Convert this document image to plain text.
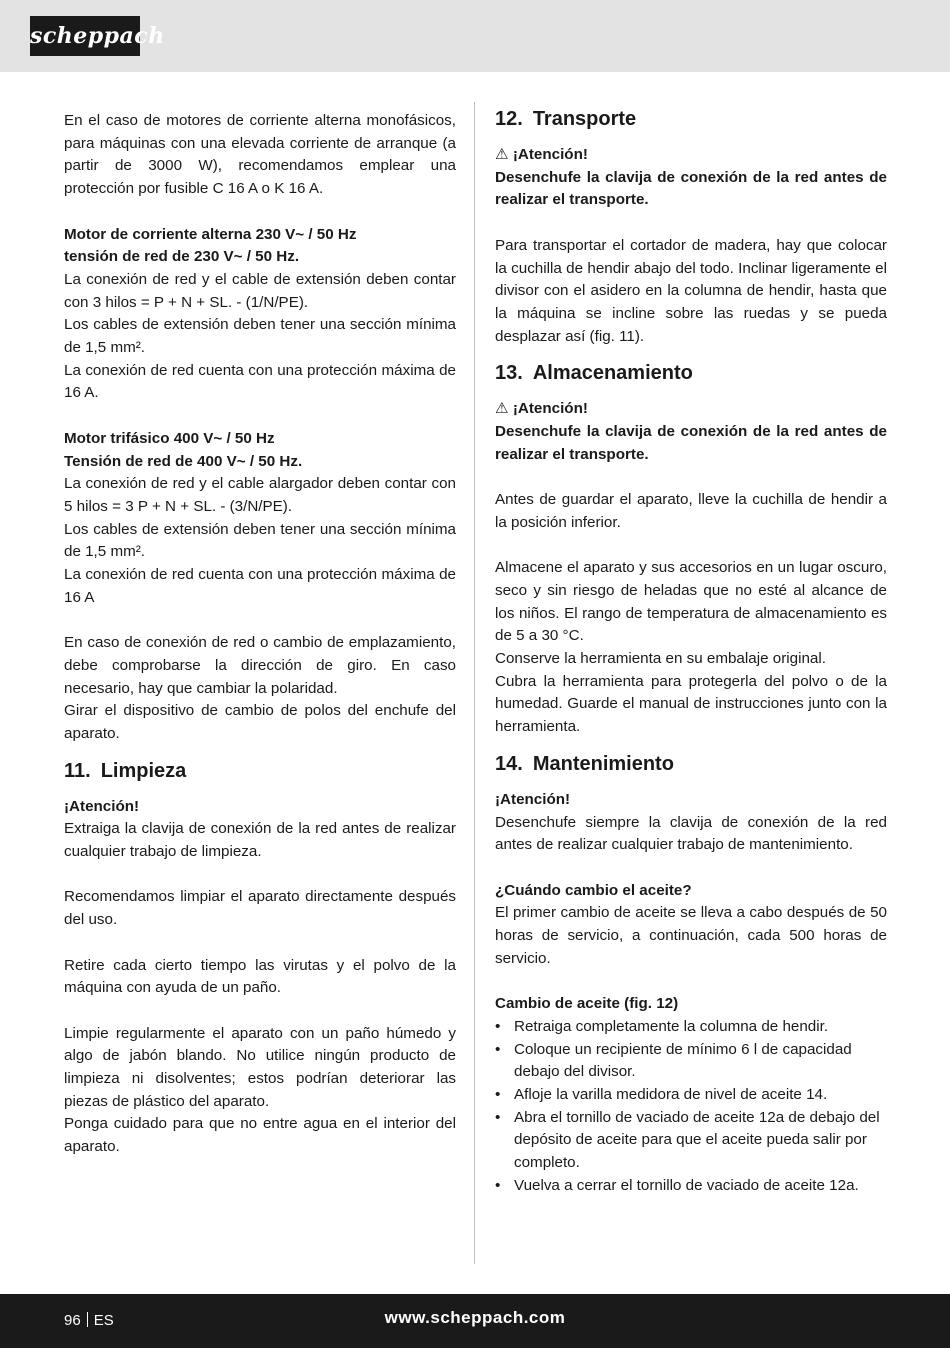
scheppach

En el caso de motores de corriente alterna monofásicos, para máquinas con una elevada corriente de arranque (a partir de 3000 W), recomendamos emplear una protección por fusible C 16 A o K 16 A.

Motor de corriente alterna 230 V~ / 50 Hz

tensión de red de 230 V~ / 50 Hz.

La conexión de red y el cable de extensión deben contar con 3 hilos = P + N + SL. - (1/N/PE).

Los cables de extensión deben tener una sección mínima de 1,5 mm².

La conexión de red cuenta con una protección máxima de 16 A.

Motor trifásico 400 V~ / 50 Hz

Tensión de red de 400 V~ / 50 Hz.

La conexión de red y el cable alargador deben contar con 5 hilos = 3 P + N + SL. - (3/N/PE).

Los cables de extensión deben tener una sección mínima de 1,5 mm².

La conexión de red cuenta con una protección máxima de 16 A

En caso de conexión de red o cambio de emplazamiento, debe comprobarse la dirección de giro. En caso necesario, hay que cambiar la polaridad.

Girar el dispositivo de cambio de polos del enchufe del aparato.

11. Limpieza

¡Atención!

Extraiga la clavija de conexión de la red antes de realizar cualquier trabajo de limpieza.

Recomendamos limpiar el aparato directamente después del uso.

Retire cada cierto tiempo las virutas y el polvo de la máquina con ayuda de un paño.

Limpie regularmente el aparato con un paño húmedo y algo de jabón blando. No utilice ningún producto de limpieza ni disolventes; estos podrían deteriorar las piezas de plástico del aparato.

Ponga cuidado para que no entre agua en el interior del aparato.

12. Transporte

⚠ ¡Atención!

Desenchufe la clavija de conexión de la red antes de realizar el transporte.

Para transportar el cortador de madera, hay que colocar la cuchilla de hendir abajo del todo. Inclinar ligeramente el divisor con el asidero en la columna de hendir, hasta que la máquina se incline sobre las ruedas y se pueda desplazar así (fig. 11).

13. Almacenamiento

⚠ ¡Atención!

Desenchufe la clavija de conexión de la red antes de realizar el transporte.

Antes de guardar el aparato, lleve la cuchilla de hendir a la posición inferior.

Almacene el aparato y sus accesorios en un lugar oscuro, seco y sin riesgo de heladas que no esté al alcance de los niños. El rango de temperatura de almacenamiento es de 5 a 30 °C.

Conserve la herramienta en su embalaje original.

Cubra la herramienta para protegerla del polvo o de la humedad. Guarde el manual de instrucciones junto con la herramienta.

14. Mantenimiento

¡Atención!

Desenchufe siempre la clavija de conexión de la red antes de realizar cualquier trabajo de mantenimiento.

¿Cuándo cambio el aceite?

El primer cambio de aceite se lleva a cabo después de 50 horas de servicio, a continuación, cada 500 horas de servicio.

Cambio de aceite (fig. 12)

• Retraiga completamente la columna de hendir.
• Coloque un recipiente de mínimo 6 l de capacidad debajo del divisor.
• Afloje la varilla medidora de nivel de aceite 14.
• Abra el tornillo de vaciado de aceite 12a de debajo del depósito de aceite para que el aceite pueda salir por completo.
• Vuelva a cerrar el tornillo de vaciado de aceite 12a.
96 ES	www.scheppach.com
